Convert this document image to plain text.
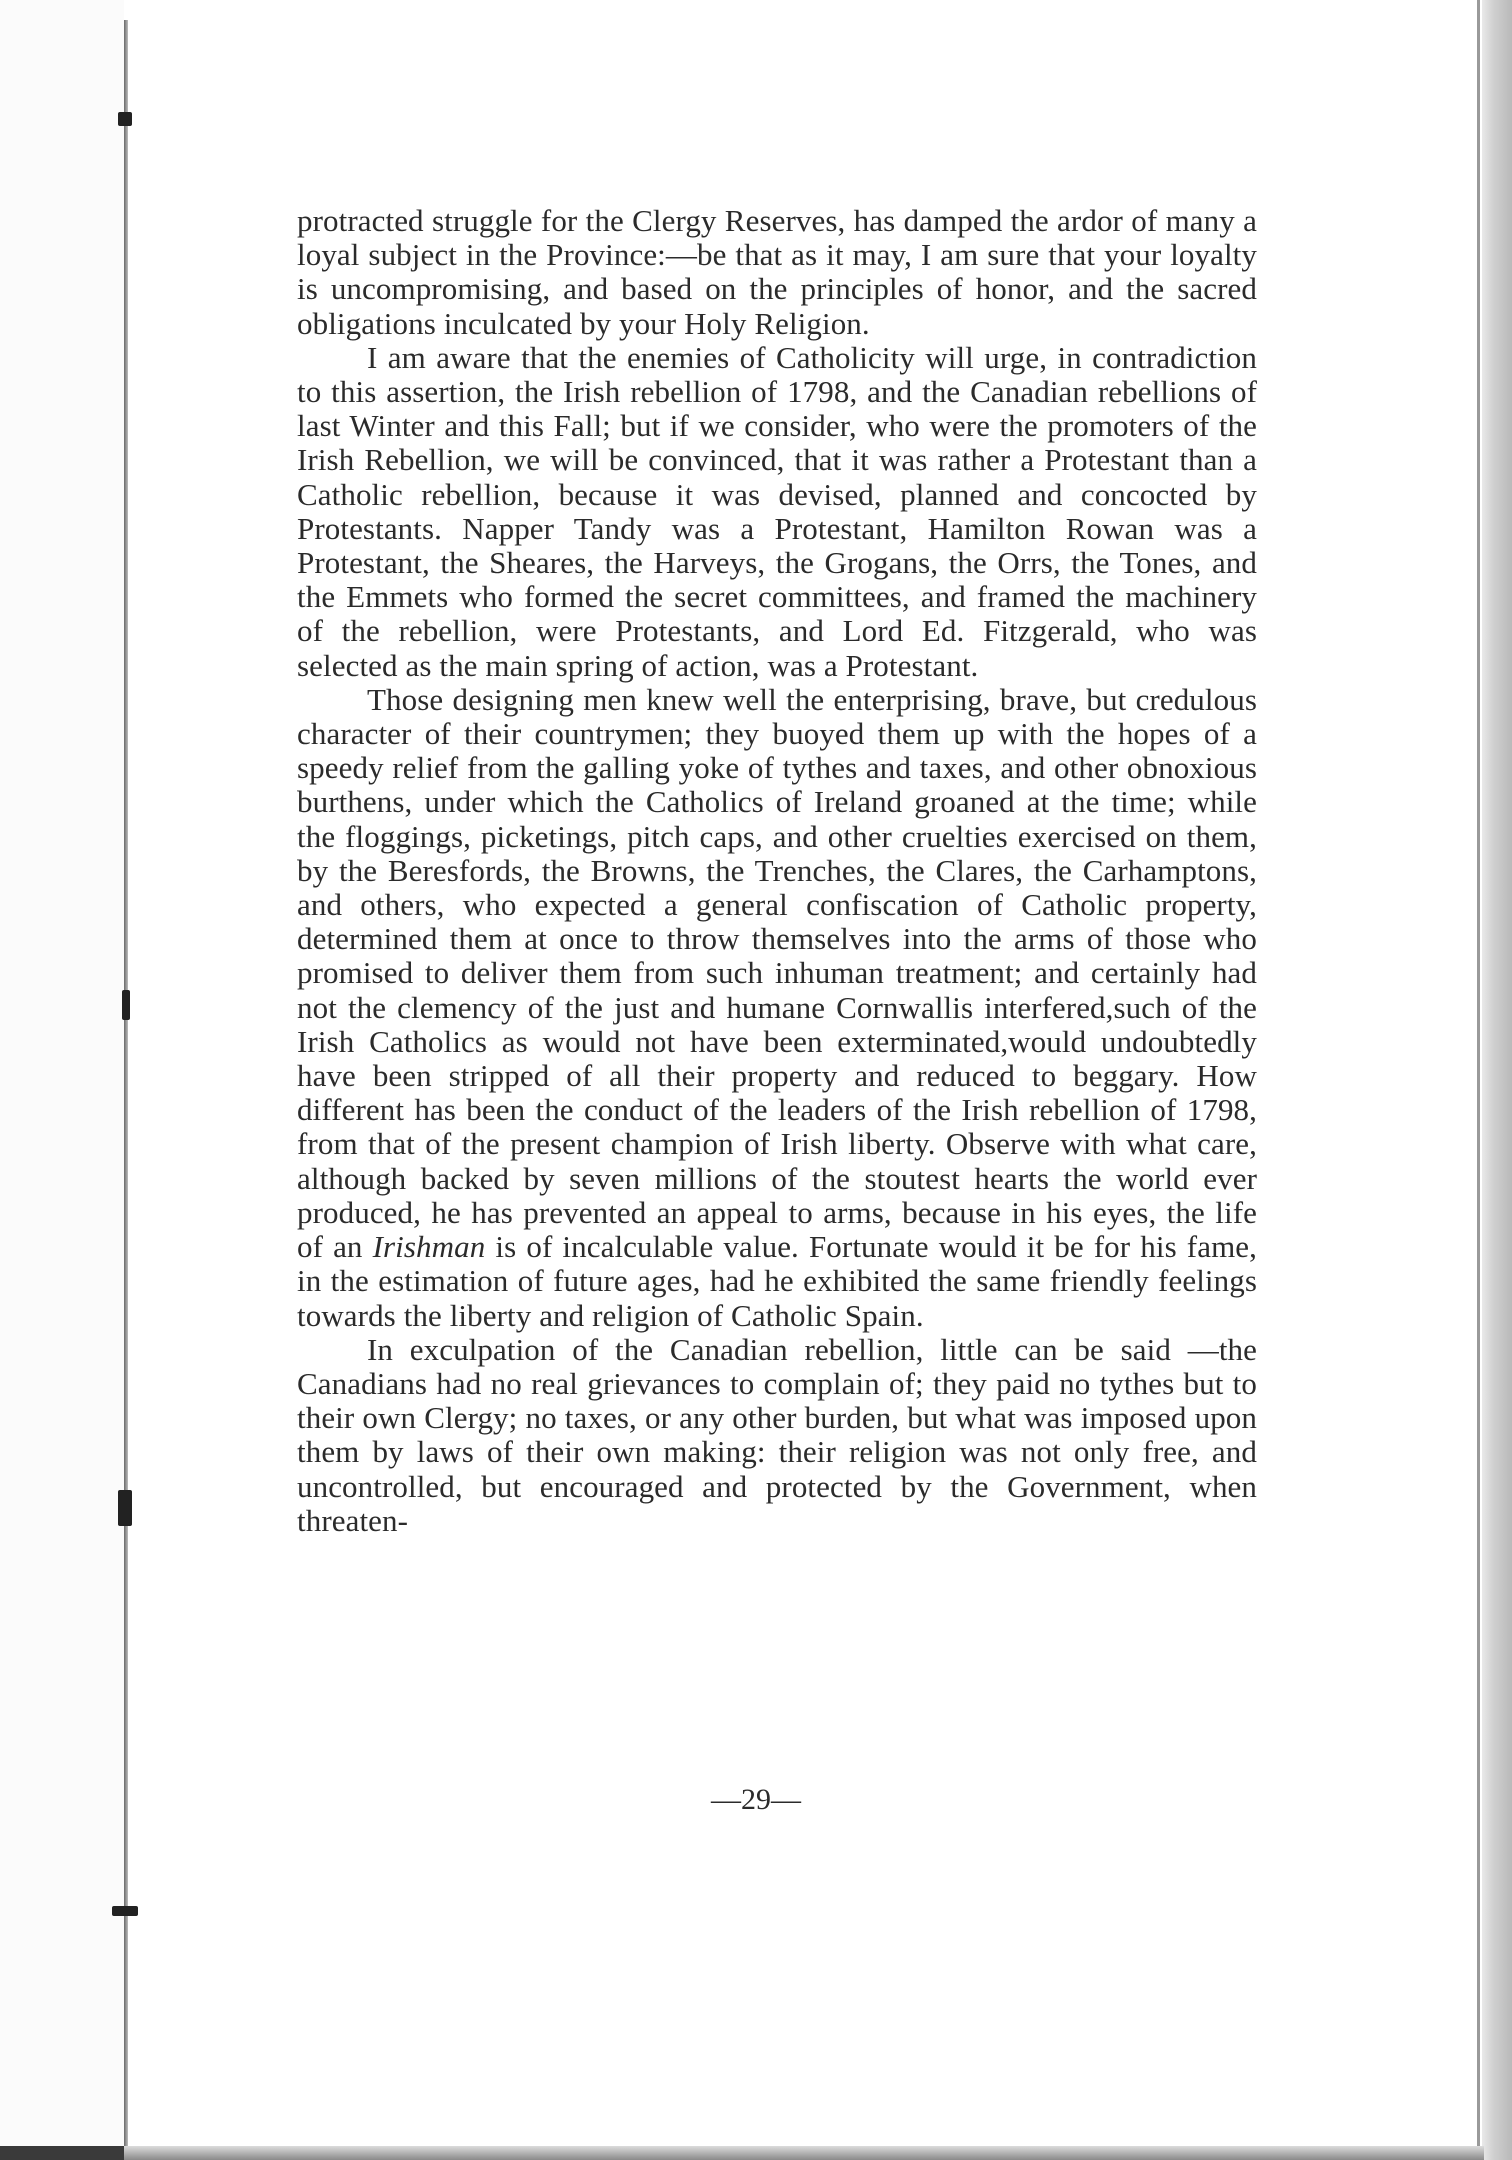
protracted struggle for the Clergy Reserves, has damped the ardor of many a loyal subject in the Province:—be that as it may, I am sure that your loyalty is uncompromising, and based on the principles of honor, and the sacred obligations inculcated by your Holy Religion.

I am aware that the enemies of Catholicity will urge, in contradiction to this assertion, the Irish rebellion of 1798, and the Canadian rebellions of last Winter and this Fall; but if we consider, who were the promoters of the Irish Rebellion, we will be convinced, that it was rather a Protestant than a Catholic rebellion, because it was devised, planned and concocted by Protestants. Napper Tandy was a Protestant, Hamilton Rowan was a Protestant, the Sheares, the Harveys, the Grogans, the Orrs, the Tones, and the Emmets who formed the secret committees, and framed the machinery of the rebellion, were Protestants, and Lord Ed. Fitzgerald, who was selected as the main spring of action, was a Protestant.

Those designing men knew well the enterprising, brave, but credulous character of their countrymen; they buoyed them up with the hopes of a speedy relief from the galling yoke of tythes and taxes, and other obnoxious burthens, under which the Catholics of Ireland groaned at the time; while the floggings, picketings, pitch caps, and other cruelties exercised on them, by the Beresfords, the Browns, the Trenches, the Clares, the Carhamptons, and others, who expected a general confiscation of Catholic property, determined them at once to throw themselves into the arms of those who promised to deliver them from such inhuman treatment; and certainly had not the clemency of the just and humane Cornwallis interfered,such of the Irish Catholics as would not have been exterminated,would undoubtedly have been stripped of all their property and reduced to beggary. How different has been the conduct of the leaders of the Irish rebellion of 1798, from that of the present champion of Irish liberty. Observe with what care, although backed by seven millions of the stoutest hearts the world ever produced, he has prevented an appeal to arms, because in his eyes, the life of an Irishman is of incalculable value. Fortunate would it be for his fame, in the estimation of future ages, had he exhibited the same friendly feelings towards the liberty and religion of Catholic Spain.

In exculpation of the Canadian rebellion, little can be said —the Canadians had no real grievances to complain of; they paid no tythes but to their own Clergy; no taxes, or any other burden, but what was imposed upon them by laws of their own making: their religion was not only free, and uncontrolled, but encouraged and protected by the Government, when threaten-

—29—
